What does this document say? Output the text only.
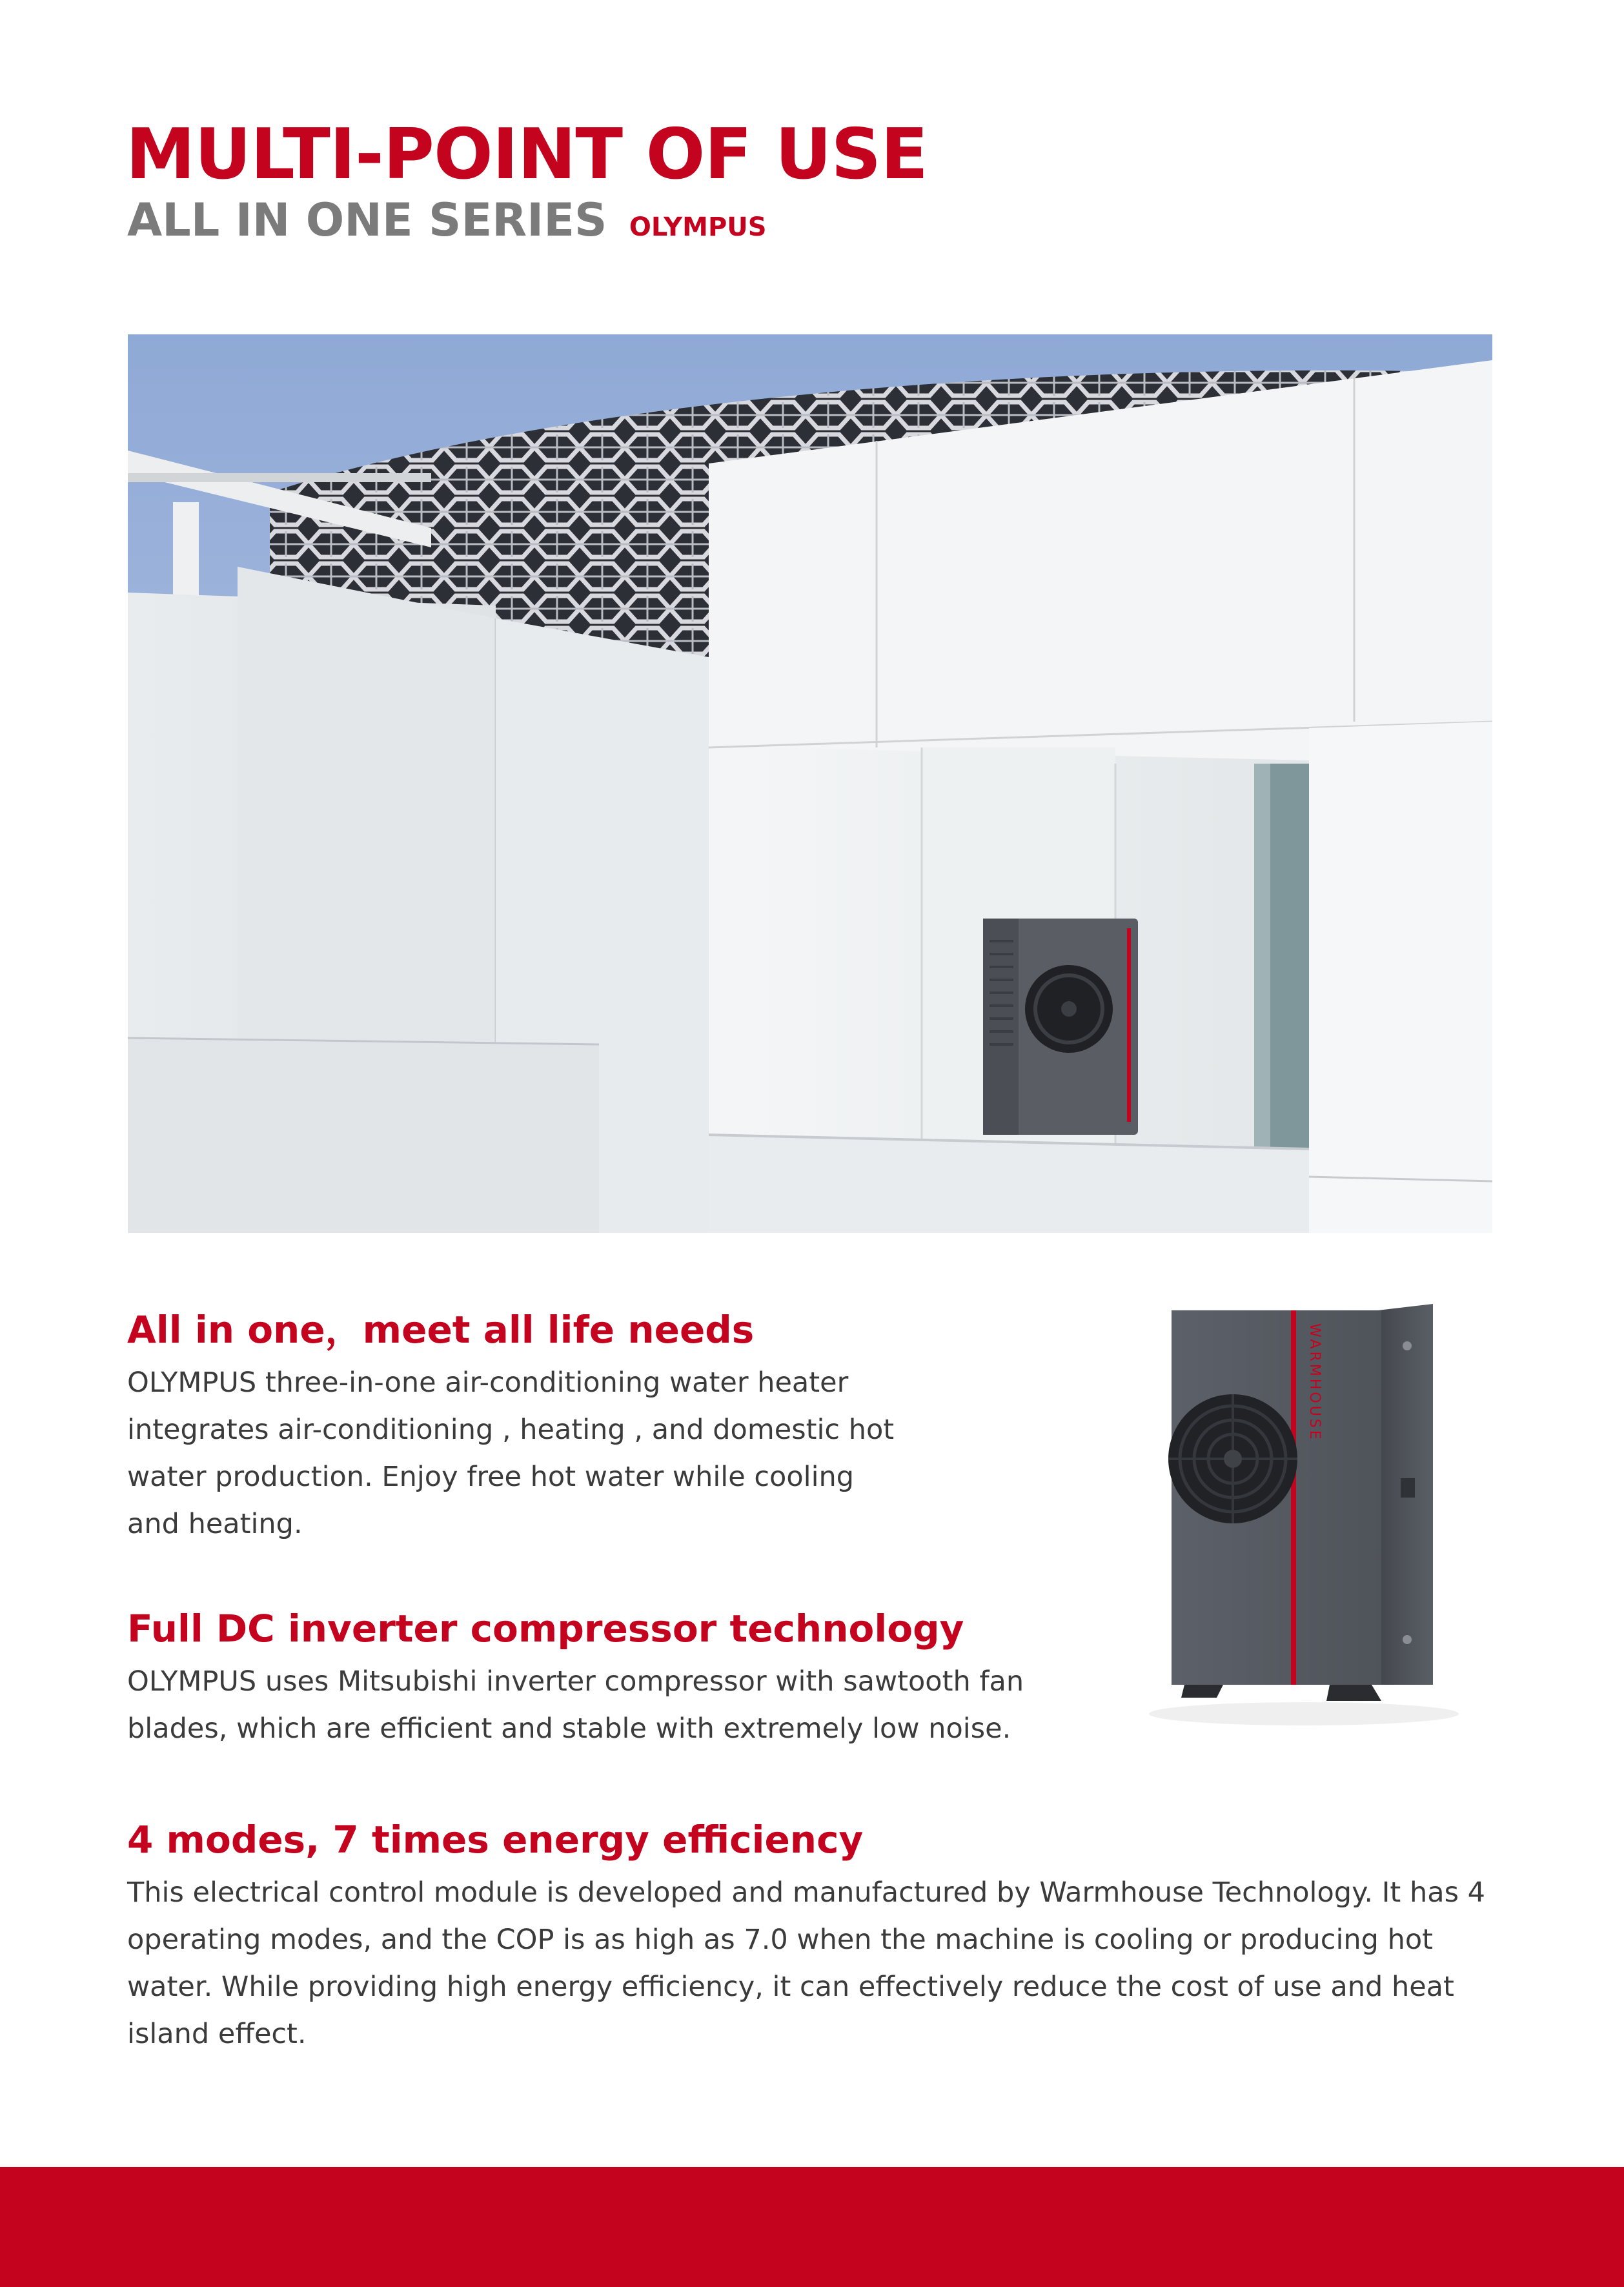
MULTI-POINT OF USE
ALL IN ONE SERIES OLYMPUS
WARMHOUSE
All in one，meet all life needs

OLYMPUS three-in-one air-conditioning water heater integrates air-conditioning , heating , and domestic hot water production. Enjoy free hot water while cooling and heating.

Full DC inverter compressor technology

OLYMPUS uses Mitsubishi inverter compressor with sawtooth fan blades, which are efficient and stable with extremely low noise.

4 modes, 7 times energy efficiency

This electrical control module is developed and manufactured by Warmhouse Technology. It has 4 operating modes, and the COP is as high as 7.0 when the machine is cooling or producing hot water. While providing high energy efficiency, it can effectively reduce the cost of use and heat island effect.
